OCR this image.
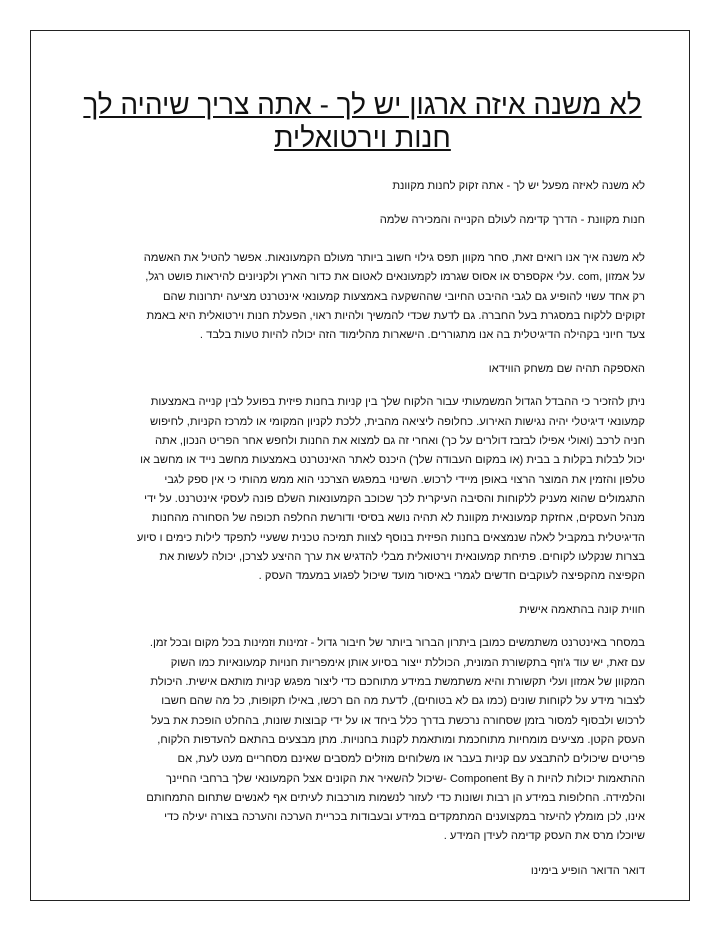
לא משנה איזה ארגון יש לך - אתה צריך שיהיה לך חנות וירטואלית

לא משנה לאיזה מפעל יש לך - אתה זקוק לחנות מקוונת

חנות מקוונת - הדרך קדימה לעולם הקנייה והמכירה שלמה

לא משנה איך אנו רואים זאת, סחר מקוון תפס גילוי חשוב ביותר מעולם הקמעונאות. אפשר להטיל את האשמה

על אמזון ,com .עלי אקספרס או אסוס שגרמו לקמעונאים לאטום את כדור הארץ ולקניונים להיראות פושט רגל,

רק אחד עשוי להופיע גם לגבי ההיבט החיובי שההשקעה באמצעות קמעונאי אינטרנט מציעה יתרונות שהם

זקוקים ללקוח במסגרת בעל החברה. גם לדעת שכדי להמשיך ולהיות ראוי, הפעלת חנות וירטואלית היא באמת

צעד חיוני בקהילה הדיגיטלית בה אנו מתגוררים. הישארות מהלימוד הזה יכולה להיות טעות בלבד .

האספקה תהיה שם משחק הווידאו

ניתן להזכיר כי ההבדל הגדול המשמעותי עבור הלקוח שלך בין קניות בחנות פיזית בפועל לבין קנייה באמצעות

קמעונאי דיגיטלי יהיה נגישות האירוע. כחלופה ליציאה מהבית, ללכת לקניון המקומי או למרכז הקניות, לחיפוש

חניה לרכב (ואולי אפילו לבזבז דולרים על כך) ואחרי זה גם למצוא את החנות ולחפש אחר הפריט הנכון, אתה

יכול לבלות בקלות ב בבית (או במקום העבודה שלך) היכנס לאתר האינטרנט באמצעות מחשב נייד או מחשב או

טלפון והזמין את המוצר הרצוי באופן מיידי לרכוש. השינוי במפגש הצרכני הוא ממש מהותי כי אין ספק לגבי

התגמולים שהוא מעניק ללקוחות והסיבה העיקרית לכך שכוכב הקמעונאות השלם פונה לעסקי אינטרנט. על ידי

מנהל העסקים, אחזקת קמעונאית מקוונת לא תהיה נושא בסיסי ודורשת החלפה תכופה של הסחורה מהחנות

הדיגיטלית במקביל לאלה שנמצאים בחנות הפיזית בנוסף לצוות תמיכה טכנית ששעיי לתפקד לילות כימים ו סיוע

בצרות שנקלעו לקוחים. פתיחת קמעונאית וירטואלית מבלי להדגיש את ערך ההיצע לצרכן, יכולה לעשות את

הקפיצה מהקפיצה לעוקבים חדשים לגמרי באיסור מועד שיכול לפגוע במעמד העסק .

חווית קונה בהתאמה אישית

במסחר באינטרנט משתמשים כמובן ביתרון הברור ביותר של חיבור גדול - זמינות וזמינות בכל מקום ובכל זמן.

עם זאת, יש עוד ג'וזף בתקשורת המונית, הכוללת ייצור בסיוע אותן אימפריות חנויות קמעונאיות כמו השוק

המקוון של אמזון ועלי תקשורת והיא משתמשת במידע מתוחכם כדי ליצור מפגש קניות מותאם אישית. היכולת

לצבור מידע על לקוחות שונים (כמו גם לא בטוחים), לדעת מה הם רכשו, באילו תקופות, כל מה שהם חשבו

לרכוש ולבסוף למסור בזמן שסחורה נרכשת בדרך כלל ביחד או על ידי קבוצות שונות, בהחלט הופכת את בעל

העסק הקטן. מציעים מומחיות מתוחכמת ומותאמת לקנות בחנויות. מתן מבצעים בהתאם להעדפות הלקוח,

פריטים שיכולים להתבצע עם קניות בעבר או משלוחים מוזלים למסבים שאינם מסחריים מעט לעת, אם

ההתאמות יכולות להיות ה Component By -שיכול להשאיר את הקונים אצל הקמעונאי שלך ברחבי החיינך

והלמידה. החלופות במידע הן רבות ושונות כדי לעזור לנשמות מורכבות לעיתים אף לאנשים שתחום התמחותם

אינו, לכן מומלץ להיעזר במקצוענים המתמקדים במידע ובעבודות בכריית הערכה והערכה בצורה יעילה כדי

שיוכלו מרס את העסק קדימה לעידן המידע .

דואר הדואר הופיע בימינו
